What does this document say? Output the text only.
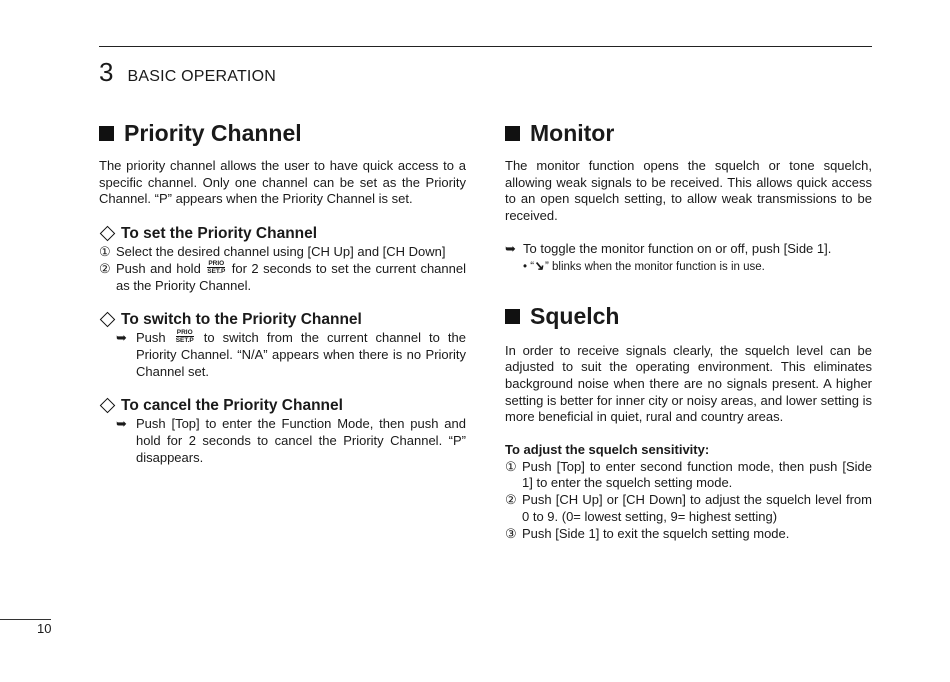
3 BASIC OPERATION
Priority Channel

The priority channel allows the user to have quick access to a specific channel. Only one channel can be set as the Priority Channel. “P” appears when the Priority Channel is set.

To set the Priority Channel
① Select the desired channel using [CH Up] and [CH Down]
② Push and hold PRIO
SET.P for 2 seconds to set the current channel as the Priority Channel.
To switch to the Priority Channel
➥ Push PRIO
SET.P to switch from the current channel to the Priority Channel. “N/A” appears when there is no Priority Channel set.
To cancel the Priority Channel
➥ Push [Top] to enter the Function Mode, then push and hold for 2 seconds to cancel the Priority Channel. “P” disappears.
Monitor

The monitor function opens the squelch or tone squelch, allowing weak signals to be received. This allows quick access to an open squelch setting, to allow weak transmissions to be received.

➥ To toggle the monitor function on or off, push [Side 1].
• “↘” blinks when the monitor function is in use.
Squelch

In order to receive signals clearly, the squelch level can be adjusted to suit the operating environment. This eliminates background noise when there are no signals present. A higher setting is better for inner city or noisy areas, and lower setting is more beneficial in quiet, rural and country areas.

To adjust the squelch sensitivity:
① Push [Top] to enter second function mode, then push [Side 1] to enter the squelch setting mode.
② Push [CH Up] or [CH Down] to adjust the squelch level from 0 to 9. (0= lowest setting, 9= highest setting)
③ Push [Side 1] to exit the squelch setting mode.
10
